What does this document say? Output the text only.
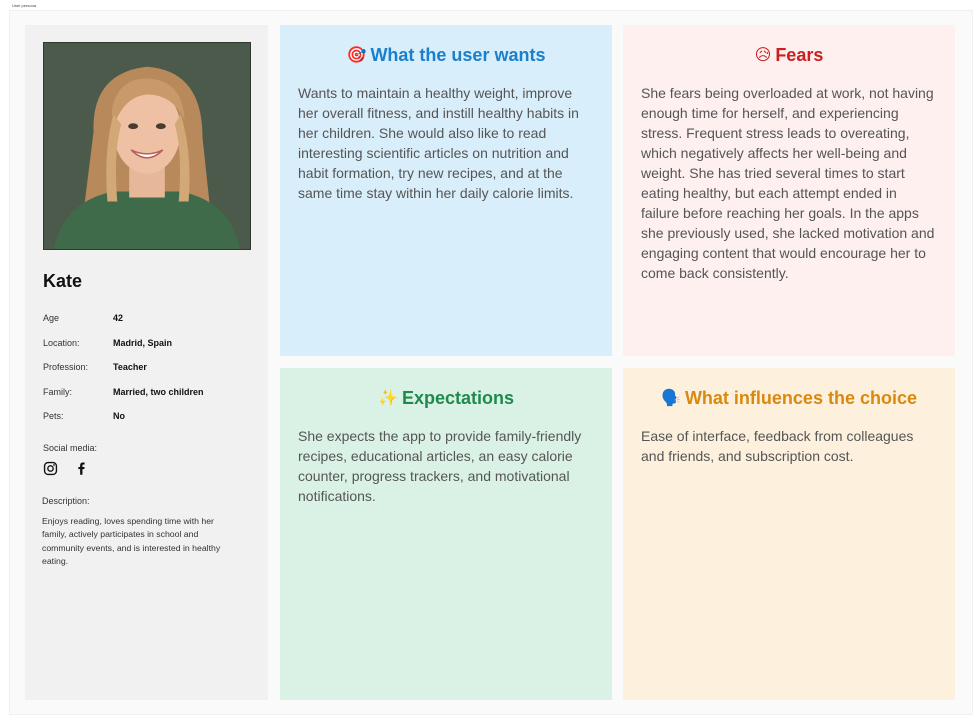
User persona
Kate
Age	42
Location:	Madrid, Spain
Profession:	Teacher
Family:	Married, two children
Pets:	No
Social media:
Description:
Enjoys reading, loves spending time with her family, actively participates in school and community events, and is interested in healthy eating.
🎯 What the user wants
Wants to maintain a healthy weight, improve her overall fitness, and instill healthy habits in her children. She would also like to read interesting scientific articles on nutrition and habit formation, try new recipes, and at the same time stay within her daily calorie limits.
😥 Fears
She fears being overloaded at work, not having enough time for herself, and experiencing stress. Frequent stress leads to overeating, which negatively affects her well-being and weight. She has tried several times to start eating healthy, but each attempt ended in failure before reaching her goals. In the apps she previously used, she lacked motivation and engaging content that would encourage her to come back consistently.
✨ Expectations
She expects the app to provide family-friendly recipes, educational articles, an easy calorie counter, progress trackers, and motivational notifications.
🗣️ What influences the choice
Ease of interface, feedback from colleagues and friends, and subscription cost.
